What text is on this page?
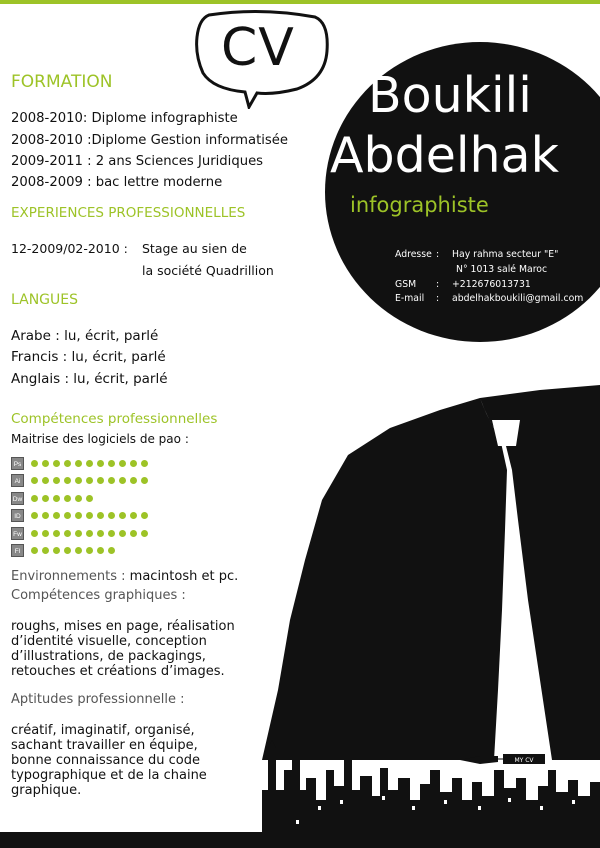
CV
Boukili
Abdelhak
infographiste
Adresse : Hay rahma secteur "E"
N° 1013 salé Maroc
GSM : +212676013731
E-mail : abdelhakboukili@gmail.com
FORMATION
2008-2010: Diplome infographiste
2008-2010 :Diplome Gestion informatisée
2009-2011 : 2 ans Sciences Juridiques
2008-2009 : bac lettre moderne
EXPERIENCES PROFESSIONNELLES
12-2009/02-2010 : Stage au sien de
la société Quadrillion
LANGUES
Arabe : lu, écrit, parlé
Francis : lu, écrit, parlé
Anglais : lu, écrit, parlé
Compétences professionnelles
Maitrise des logiciels de pao :
Ps
Ai
Dw
ID
Fw
Fl
Environnements : macintosh et pc.
Compétences graphiques :
roughs, mises en page, réalisation
d’identité visuelle, conception
d’illustrations, de packagings,
retouches et créations d’images.
Aptitudes professionnelle :
créatif, imaginatif, organisé,
sachant travailler en équipe,
bonne connaissance du code
typographique et de la chaine
graphique.
MY CV
